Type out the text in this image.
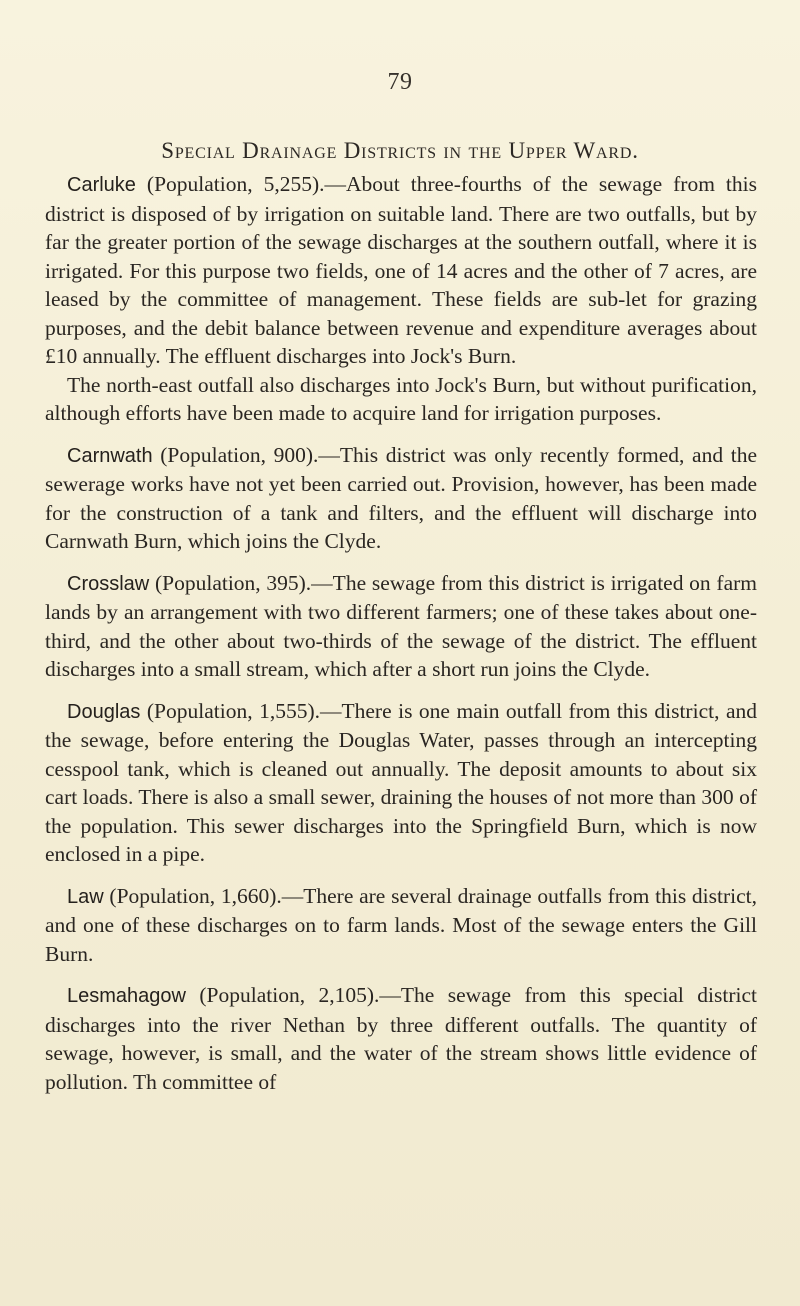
79
Special Drainage Districts in the Upper Ward.

Carluke (Population, 5,255).—About three-fourths of the sewage from this district is disposed of by irrigation on suitable land. There are two outfalls, but by far the greater portion of the sewage discharges at the southern outfall, where it is irrigated. For this purpose two fields, one of 14 acres and the other of 7 acres, are leased by the committee of management. These fields are sub-let for grazing purposes, and the debit balance between revenue and expenditure averages about £10 annually. The effluent discharges into Jock's Burn.

The north-east outfall also discharges into Jock's Burn, but without purification, although efforts have been made to acquire land for irrigation purposes.

Carnwath (Population, 900).—This district was only recently formed, and the sewerage works have not yet been carried out. Provision, however, has been made for the construction of a tank and filters, and the effluent will discharge into Carnwath Burn, which joins the Clyde.

Crosslaw (Population, 395).—The sewage from this district is irrigated on farm lands by an arrangement with two different farmers; one of these takes about one-third, and the other about two-thirds of the sewage of the district. The effluent discharges into a small stream, which after a short run joins the Clyde.

Douglas (Population, 1,555).—There is one main outfall from this district, and the sewage, before entering the Douglas Water, passes through an intercepting cesspool tank, which is cleaned out annually. The deposit amounts to about six cart loads. There is also a small sewer, draining the houses of not more than 300 of the population. This sewer discharges into the Springfield Burn, which is now enclosed in a pipe.

Law (Population, 1,660).—There are several drainage outfalls from this district, and one of these discharges on to farm lands. Most of the sewage enters the Gill Burn.

Lesmahagow (Population, 2,105).—The sewage from this special district discharges into the river Nethan by three different outfalls. The quantity of sewage, however, is small, and the water of the stream shows little evidence of pollution. Th committee of
